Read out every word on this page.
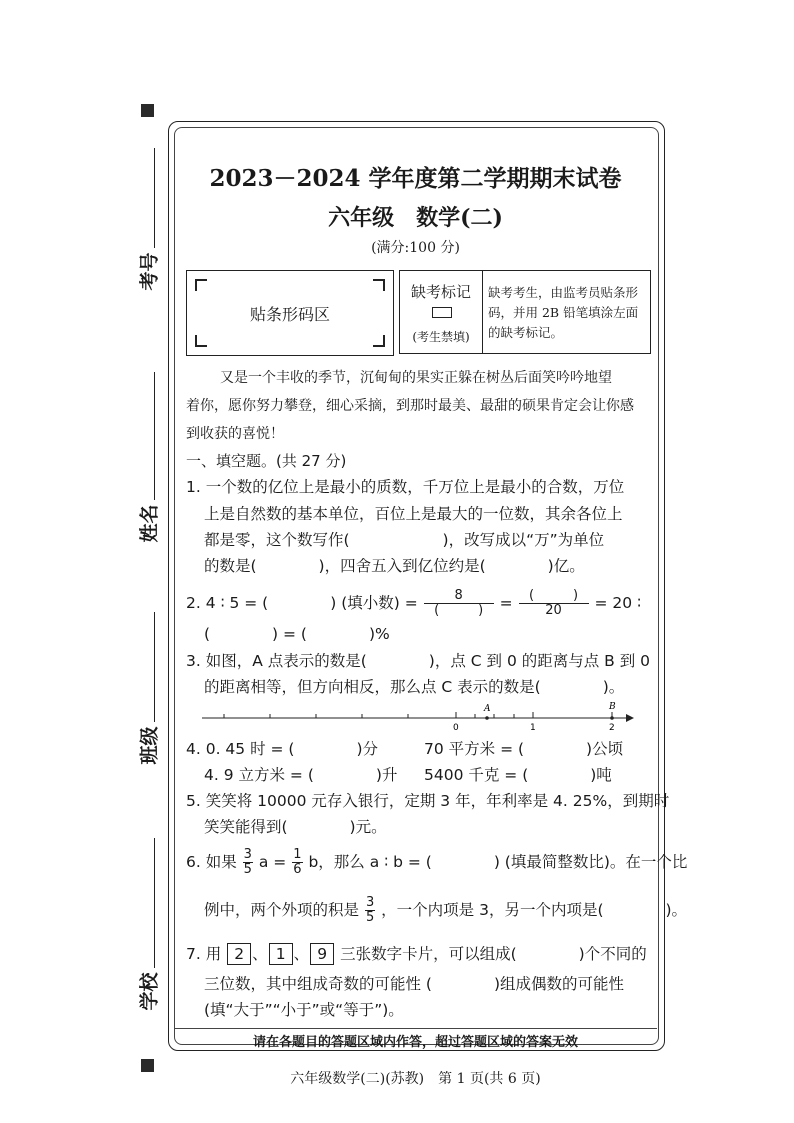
考号
姓名
班级
学校
2023－2024 学年度第二学期期末试卷
六年级　数学(二)
(满分:100 分)
贴条形码区
缺考标记
(考生禁填)
缺考考生，由监考员贴条形码，并用 2B 铅笔填涂左面的缺考标记。
又是一个丰收的季节，沉甸甸的果实正躲在树丛后面笑吟吟地望
着你，愿你努力攀登，细心采摘，到那时最美、最甜的硕果肯定会让你感
到收获的喜悦！
一、填空题。(共 27 分)
1. 一个数的亿位上是最小的质数，千万位上是最小的合数，万位
上是自然数的基本单位，百位上是最大的一位数，其余各位上
都是零，这个数写作(　　　　　　)，改写成以“万”为单位
的数是(　　　　)，四舍五入到亿位约是(　　　　)亿。
2. 4 ∶ 5 = (　　　　) (填小数) = $\frac{8}{( )} = \frac{( )}{20} = 20$ ∶
(　　　　) = (　　　　)%
3. 如图，A 点表示的数是(　　　　)，点 C 到 0 的距离与点 B 到 0
的距离相等，但方向相反，那么点 C 表示的数是(　　　　)。
A	B
0	1	2
4. 0. 45 时 = (　　　　)分	70 平方米 = (　　　　)公顷
4. 9 立方米 = (　　　　)升 5400 千克 = (　　　　)吨
5. 笑笑将 10000 元存入银行，定期 3 年，年利率是 4. 25%，到期时
笑笑能得到(　　　　)元。
6. 如果 $\frac{3}{5}$ $a = \frac{1}{6}$ b，那么 a ∶ b = (　　　　) (填最简整数比)。在一个比
例中，两个外项的积是 $\frac{3}{5}$ ，一个内项是 3，另一个内项是(　　　　)。
7. 用 2 、 1 、 9 三张数字卡片，可以组成(　　　　)个不同的
三位数，其中组成奇数的可能性 (　　　　)组成偶数的可能性
(填“大于”“小于”或“等于”)。
请在各题目的答题区域内作答，超过答题区域的答案无效
六年级数学(二)(苏教)　第 1 页(共 6 页)
